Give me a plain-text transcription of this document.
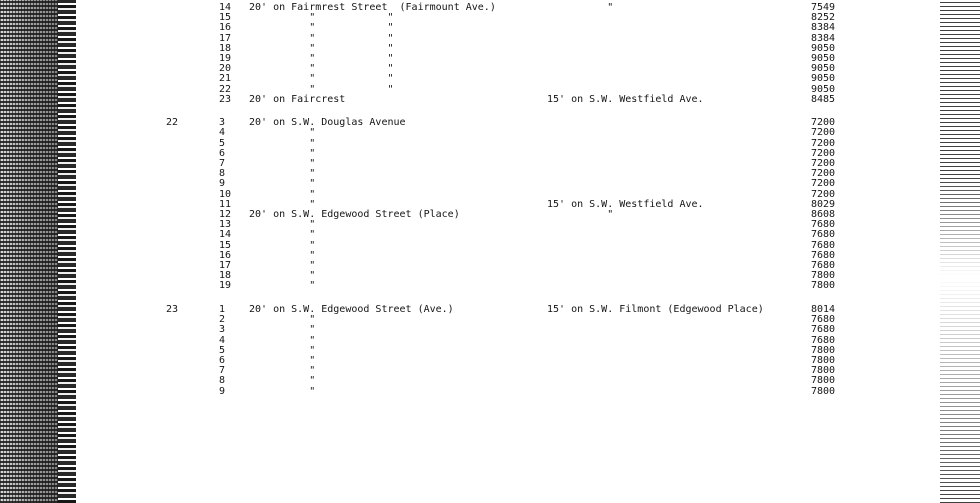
14 20' on Fairmrest Street  (Fairmount Ave.)	"	7549
15 "            "	8252
16 "            "	8384
17 "            "	8384
18 "            "	9050
19 "            "	9050
20 "            "	9050
21 "            "	9050
22 "            "	9050
23 20' on Faircrest	15' on S.W. Westfield Ave.	8485
22	3 20' on S.W. Douglas Avenue	7200
4 "	7200
5 "	7200
6 "	7200
7 "	7200
8 "	7200
9 "	7200
10 "	7200
11 "	15' on S.W. Westfield Ave.	8029
12 20' on S.W. Edgewood Street (Place)	"	8608
13 "	7680
14 "	7680
15 "	7680
16 "	7680
17 "	7680
18 "	7800
19 "	7800
23	1 20' on S.W. Edgewood Street (Ave.)	15' on S.W. Filmont (Edgewood Place)	8014
2 "	7680
3 "	7680
4 "	7680
5 "	7800
6 "	7800
7 "	7800
8 "	7800
9 "	7800
